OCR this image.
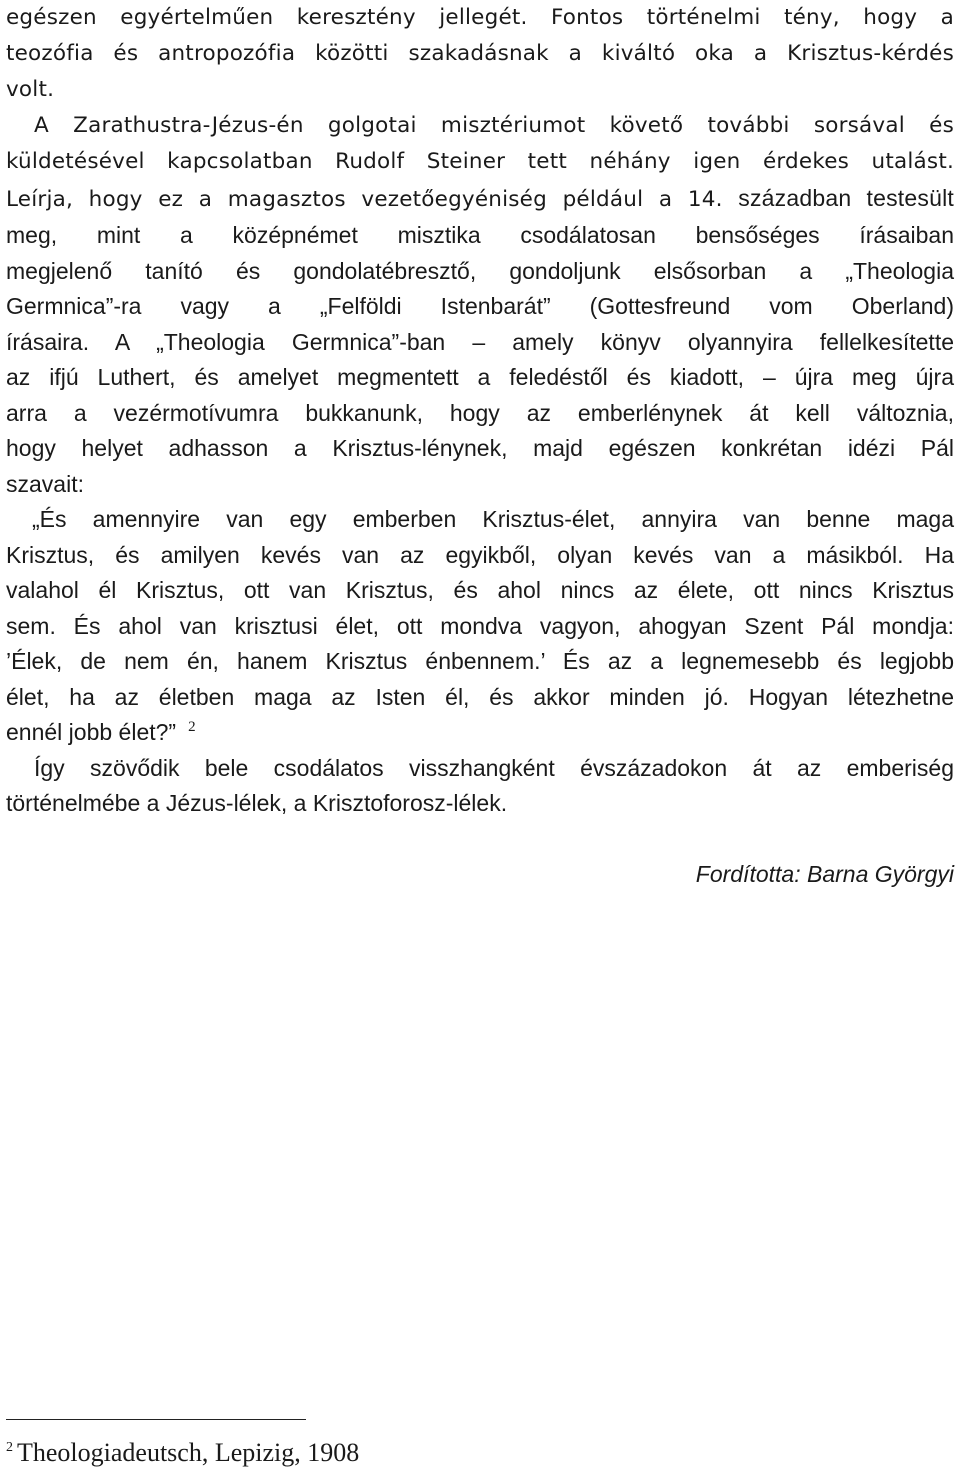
egészen egyértelműen keresztény jellegét. Fontos történelmi tény, hogy a
teozófia és antropozófia közötti szakadásnak a kiváltó oka a Krisztus-kérdés
volt.
A Zarathustra-Jézus-én golgotai misztériumot követő további sorsával és
küldetésével kapcsolatban Rudolf Steiner tett néhány igen érdekes utalást.
Leírja, hogy ez a magasztos vezetőegyéniség például a 14. században testesült
meg, mint a középnémet misztika csodálatosan bensőséges írásaiban
megjelenő tanító és gondolatébresztő, gondoljunk elsősorban a „Theologia
Germnica”-ra vagy a „Felföldi Istenbarát” (Gottesfreund vom Oberland)
írásaira. A „Theologia Germnica”-ban – amely könyv olyannyira fellelkesítette
az ifjú Luthert, és amelyet megmentett a feledéstől és kiadott, – újra meg újra
arra a vezérmotívumra bukkanunk, hogy az emberlénynek át kell változnia,
hogy helyet adhasson a Krisztus-lénynek, majd egészen konkrétan idézi Pál
szavait:
„És amennyire van egy emberben Krisztus-élet, annyira van benne maga
Krisztus, és amilyen kevés van az egyikből, olyan kevés van a másikból. Ha
valahol él Krisztus, ott van Krisztus, és ahol nincs az élete, ott nincs Krisztus
sem. És ahol van krisztusi élet, ott mondva vagyon, ahogyan Szent Pál mondja:
’Élek, de nem én, hanem Krisztus énbennem.’ És az a legnemesebb és legjobb
élet, ha az életben maga az Isten él, és akkor minden jó. Hogyan létezhetne
ennél jobb élet?” $^2$
Így szövődik bele csodálatos visszhangként évszázadokon át az emberiség
történelmébe a Jézus-lélek, a Krisztoforosz-lélek.
Fordította: Barna Györgyi
$^2$ Theologiadeutsch, Lepizig, 1908
